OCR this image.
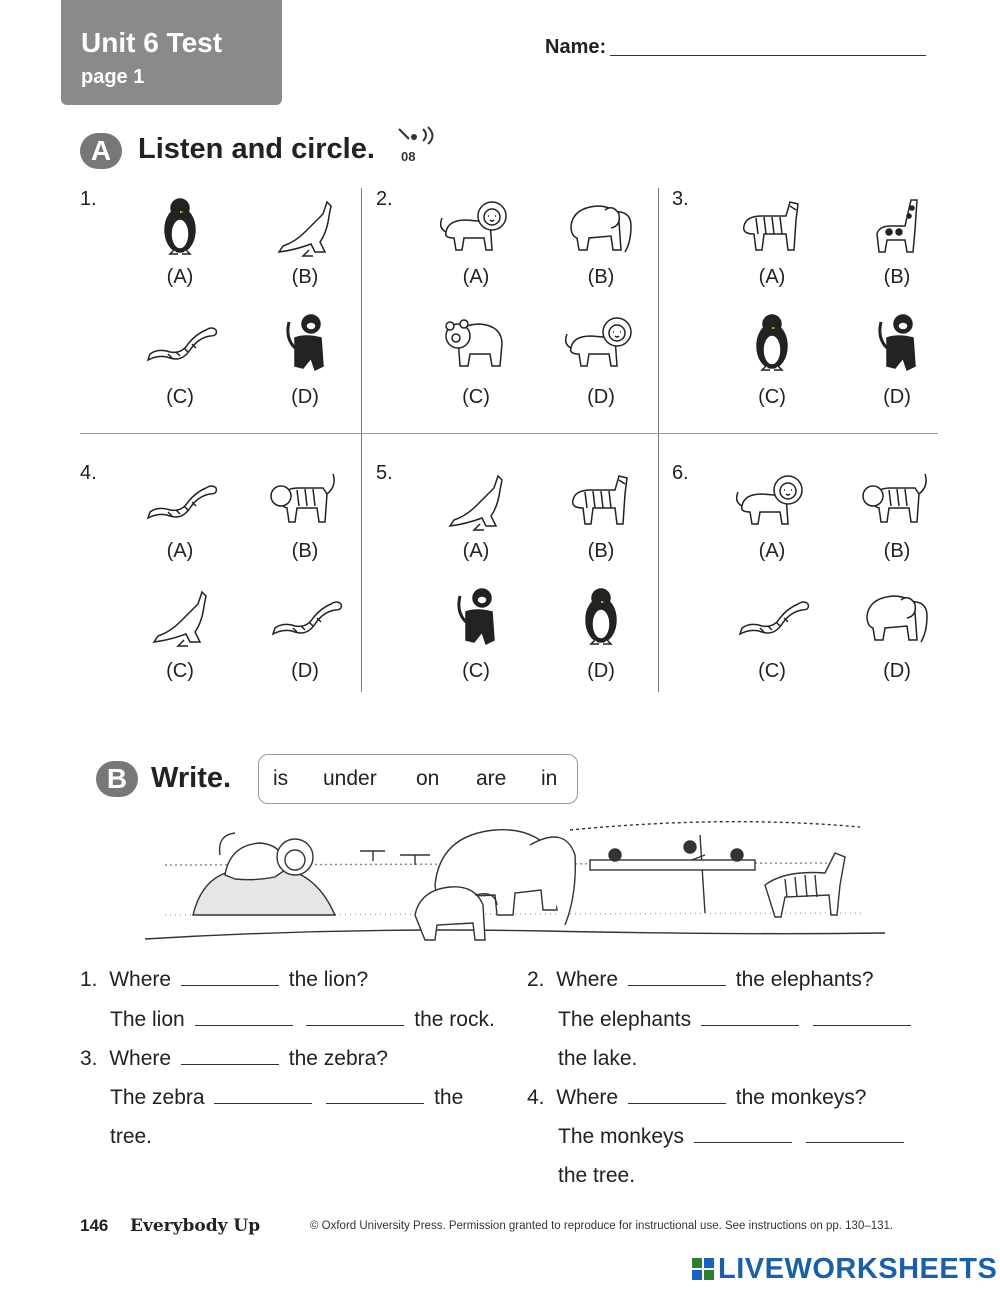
Unit 6 Test
page 1
Name:
A Listen and circle. 08
1.
(A)	(B)
(C)	(D)
2.
(A)	(B)
(C)	(D)
3.
(A)	(B)
(C)	(D)
4.
(A)	(B)
(C)	(D)
5.
(A)	(B)
(C)	(D)
6.
(A)	(B)
(C)	(D)
B Write. is under on are in
1. Where	the lion?
The lion	the rock.
3. Where	the zebra?
The zebra	the
tree.
2. Where	the elephants?
The elephants
the lake.
4. Where	the monkeys?
The monkeys
the tree.
146 Everybody Up	© Oxford University Press. Permission granted to reproduce for instructional use. See instructions on pp. 130–131.
LIVEWORKSHEETS
